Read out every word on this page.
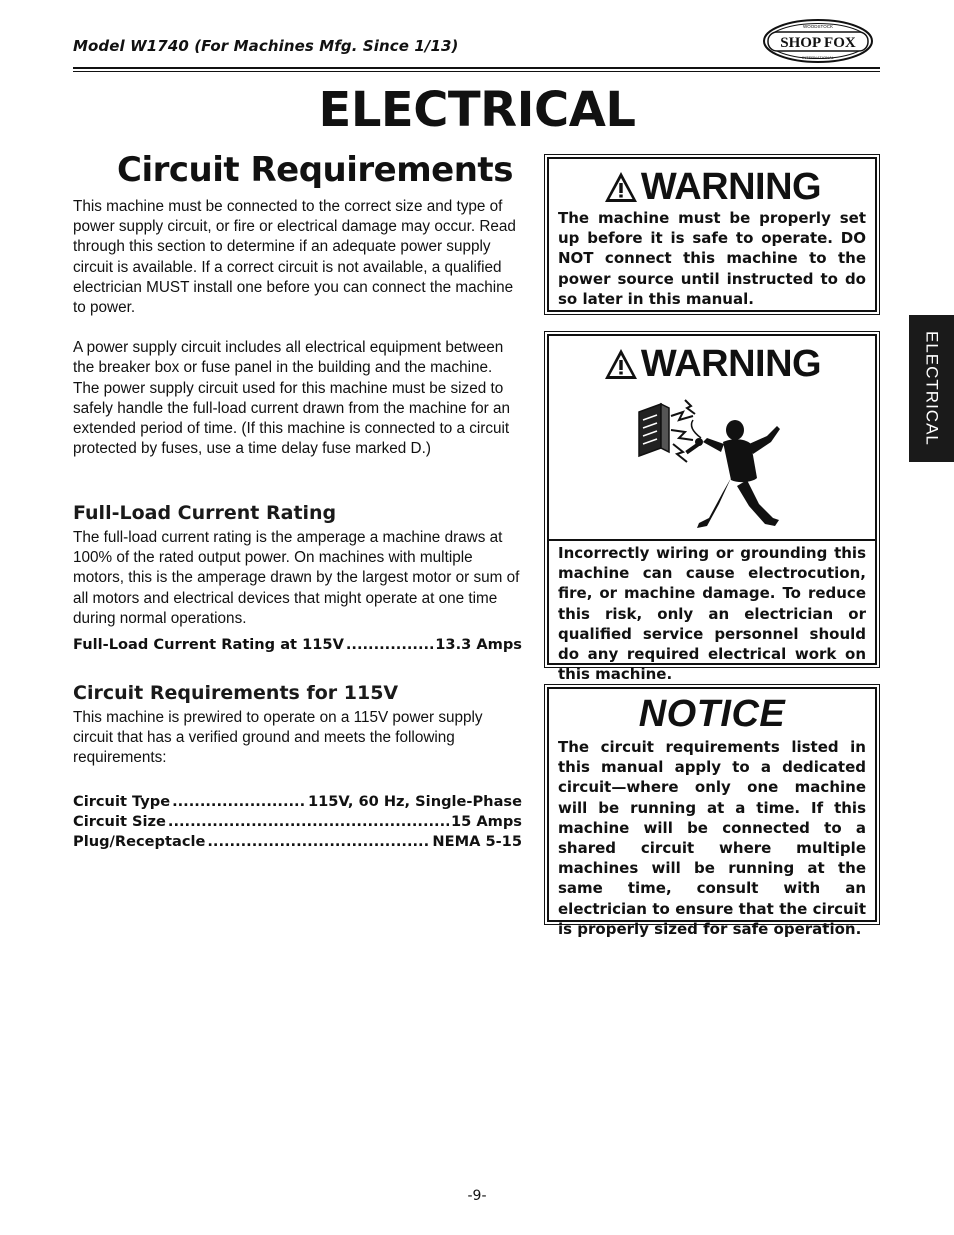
Model W1740 (For Machines Mfg. Since 1/13)	SHOP FOX
WOODSTOCK
INTERNATIONAL
ELECTRICAL
Circuit Requirements

This machine must be connected to the correct size and type of power supply circuit, or fire or electrical damage may occur. Read through this section to determine if an adequate power supply circuit is available. If a correct circuit is not available, a qualified electrician MUST install one before you can connect the machine to power.

A power supply circuit includes all electrical equipment between the breaker box or fuse panel in the building and the machine. The power supply circuit used for this machine must be sized to safely handle the full-load current drawn from the machine for an extended period of time. (If this machine is connected to a circuit protected by fuses, use a time delay fuse marked D.)

Full-Load Current Rating

The full-load current rating is the amperage a machine draws at 100% of the rated output power. On machines with multiple motors, this is the amperage drawn by the largest motor or sum of all motors and electrical devices that might operate at one time during normal operations.

Full-Load Current Rating at 115V .....	13.3 Amps

Circuit Requirements for 115V

This machine is prewired to operate on a 115V power supply circuit that has a verified ground and meets the following requirements:

Circuit Type .....	115V, 60 Hz, Single-Phase
Circuit Size .....	15 Amps
Plug/Receptacle .....	NEMA 5-15
WARNING

The machine must be properly set up before it is safe to operate. DO NOT connect this machine to the power source until instructed to do so later in this manual.

WARNING

Incorrectly wiring or grounding this machine can cause electrocution, fire, or machine damage. To reduce this risk, only an electrician or qualified service personnel should do any required electrical work on this machine.

NOTICE

The circuit requirements listed in this manual apply to a dedicated circuit—where only one machine will be running at a time. If this machine will be connected to a shared circuit where multiple machines will be running at the same time, consult with an electrician to ensure that the circuit is properly sized for safe operation.

ELECTRICAL
-9-
